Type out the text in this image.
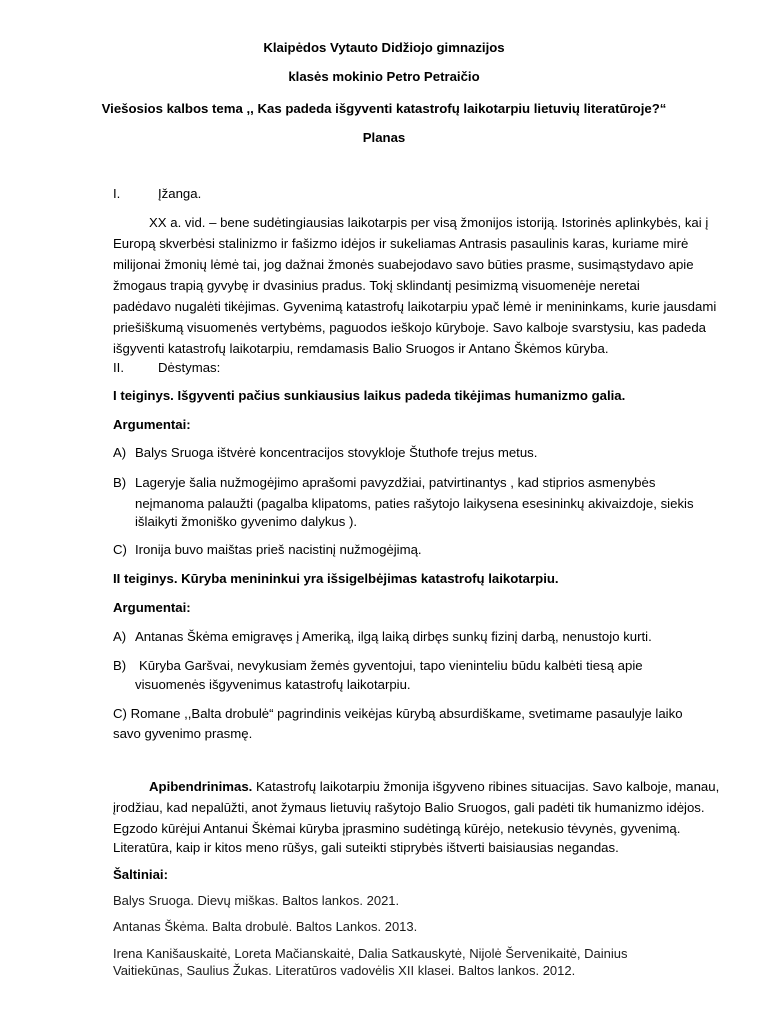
Klaipėdos Vytauto Didžiojo gimnazijos
klasės mokinio Petro Petraičio
Viešosios kalbos tema ,, Kas padeda išgyventi katastrofų laikotarpiu lietuvių literatūroje?“
Planas
I.	Įžanga.
XX a. vid. – bene sudėtingiausias laikotarpis per visą žmonijos istoriją. Istorinės aplinkybės, kai į
Europą skverbėsi stalinizmo ir fašizmo idėjos ir sukeliamas Antrasis pasaulinis karas, kuriame mirė
milijonai žmonių lėmė tai, jog dažnai žmonės suabejodavo savo būties prasme, susimąstydavo apie
žmogaus trapią gyvybę ir dvasinius pradus. Tokį sklindantį pesimizmą visuomenėje neretai
padėdavo nugalėti tikėjimas. Gyvenimą katastrofų laikotarpiu ypač lėmė ir menininkams, kurie jausdami
priešiškumą visuomenės vertybėms, paguodos ieškojo kūryboje. Savo kalboje svarstysiu, kas padeda
išgyventi katastrofų laikotarpiu, remdamasis Balio Sruogos ir Antano Škėmos kūryba.
II.	Dėstymas:
I teiginys. Išgyventi pačius sunkiausius laikus padeda tikėjimas humanizmo galia.
Argumentai:
A) Balys Sruoga ištvėrė koncentracijos stovykloje Štuthofe trejus metus.
B) Lageryje šalia nužmogėjimo aprašomi pavyzdžiai, patvirtinantys , kad stiprios asmenybės
neįmanoma palaužti (pagalba klipatoms, paties rašytojo laikysena esesininkų akivaizdoje, siekis
išlaikyti žmoniško gyvenimo dalykus ).
C) Ironija buvo maištas prieš nacistinį nužmogėjimą.
II teiginys. Kūryba menininkui yra išsigelbėjimas katastrofų laikotarpiu.
Argumentai:
A) Antanas Škėma emigravęs į Ameriką, ilgą laiką dirbęs sunkų fizinį darbą, nenustojo kurti.
B) Kūryba Garšvai, nevykusiam žemės gyventojui, tapo vieninteliu būdu kalbėti tiesą apie
visuomenės išgyvenimus katastrofų laikotarpiu.
C) Romane ,,Balta drobulė“ pagrindinis veikėjas kūrybą absurdiškame, svetimame pasaulyje laiko
savo gyvenimo prasmę.
Apibendrinimas. Katastrofų laikotarpiu žmonija išgyveno ribines situacijas. Savo kalboje, manau,
įrodžiau, kad nepalūžti, anot žymaus lietuvių rašytojo Balio Sruogos, gali padėti tik humanizmo idėjos.
Egzodo kūrėjui Antanui Škėmai kūryba įprasmino sudėtingą kūrėjo, netekusio tėvynės, gyvenimą.
Literatūra, kaip ir kitos meno rūšys, gali suteikti stiprybės ištverti baisiausias negandas.
Šaltiniai:
Balys Sruoga. Dievų miškas. Baltos lankos. 2021.
Antanas Škėma. Balta drobulė. Baltos Lankos. 2013.
Irena Kanišauskaitė, Loreta Mačianskaitė, Dalia Satkauskytė, Nijolė Šervenikaitė, Dainius
Vaitiekūnas, Saulius Žukas. Literatūros vadovėlis XII klasei. Baltos lankos. 2012.
